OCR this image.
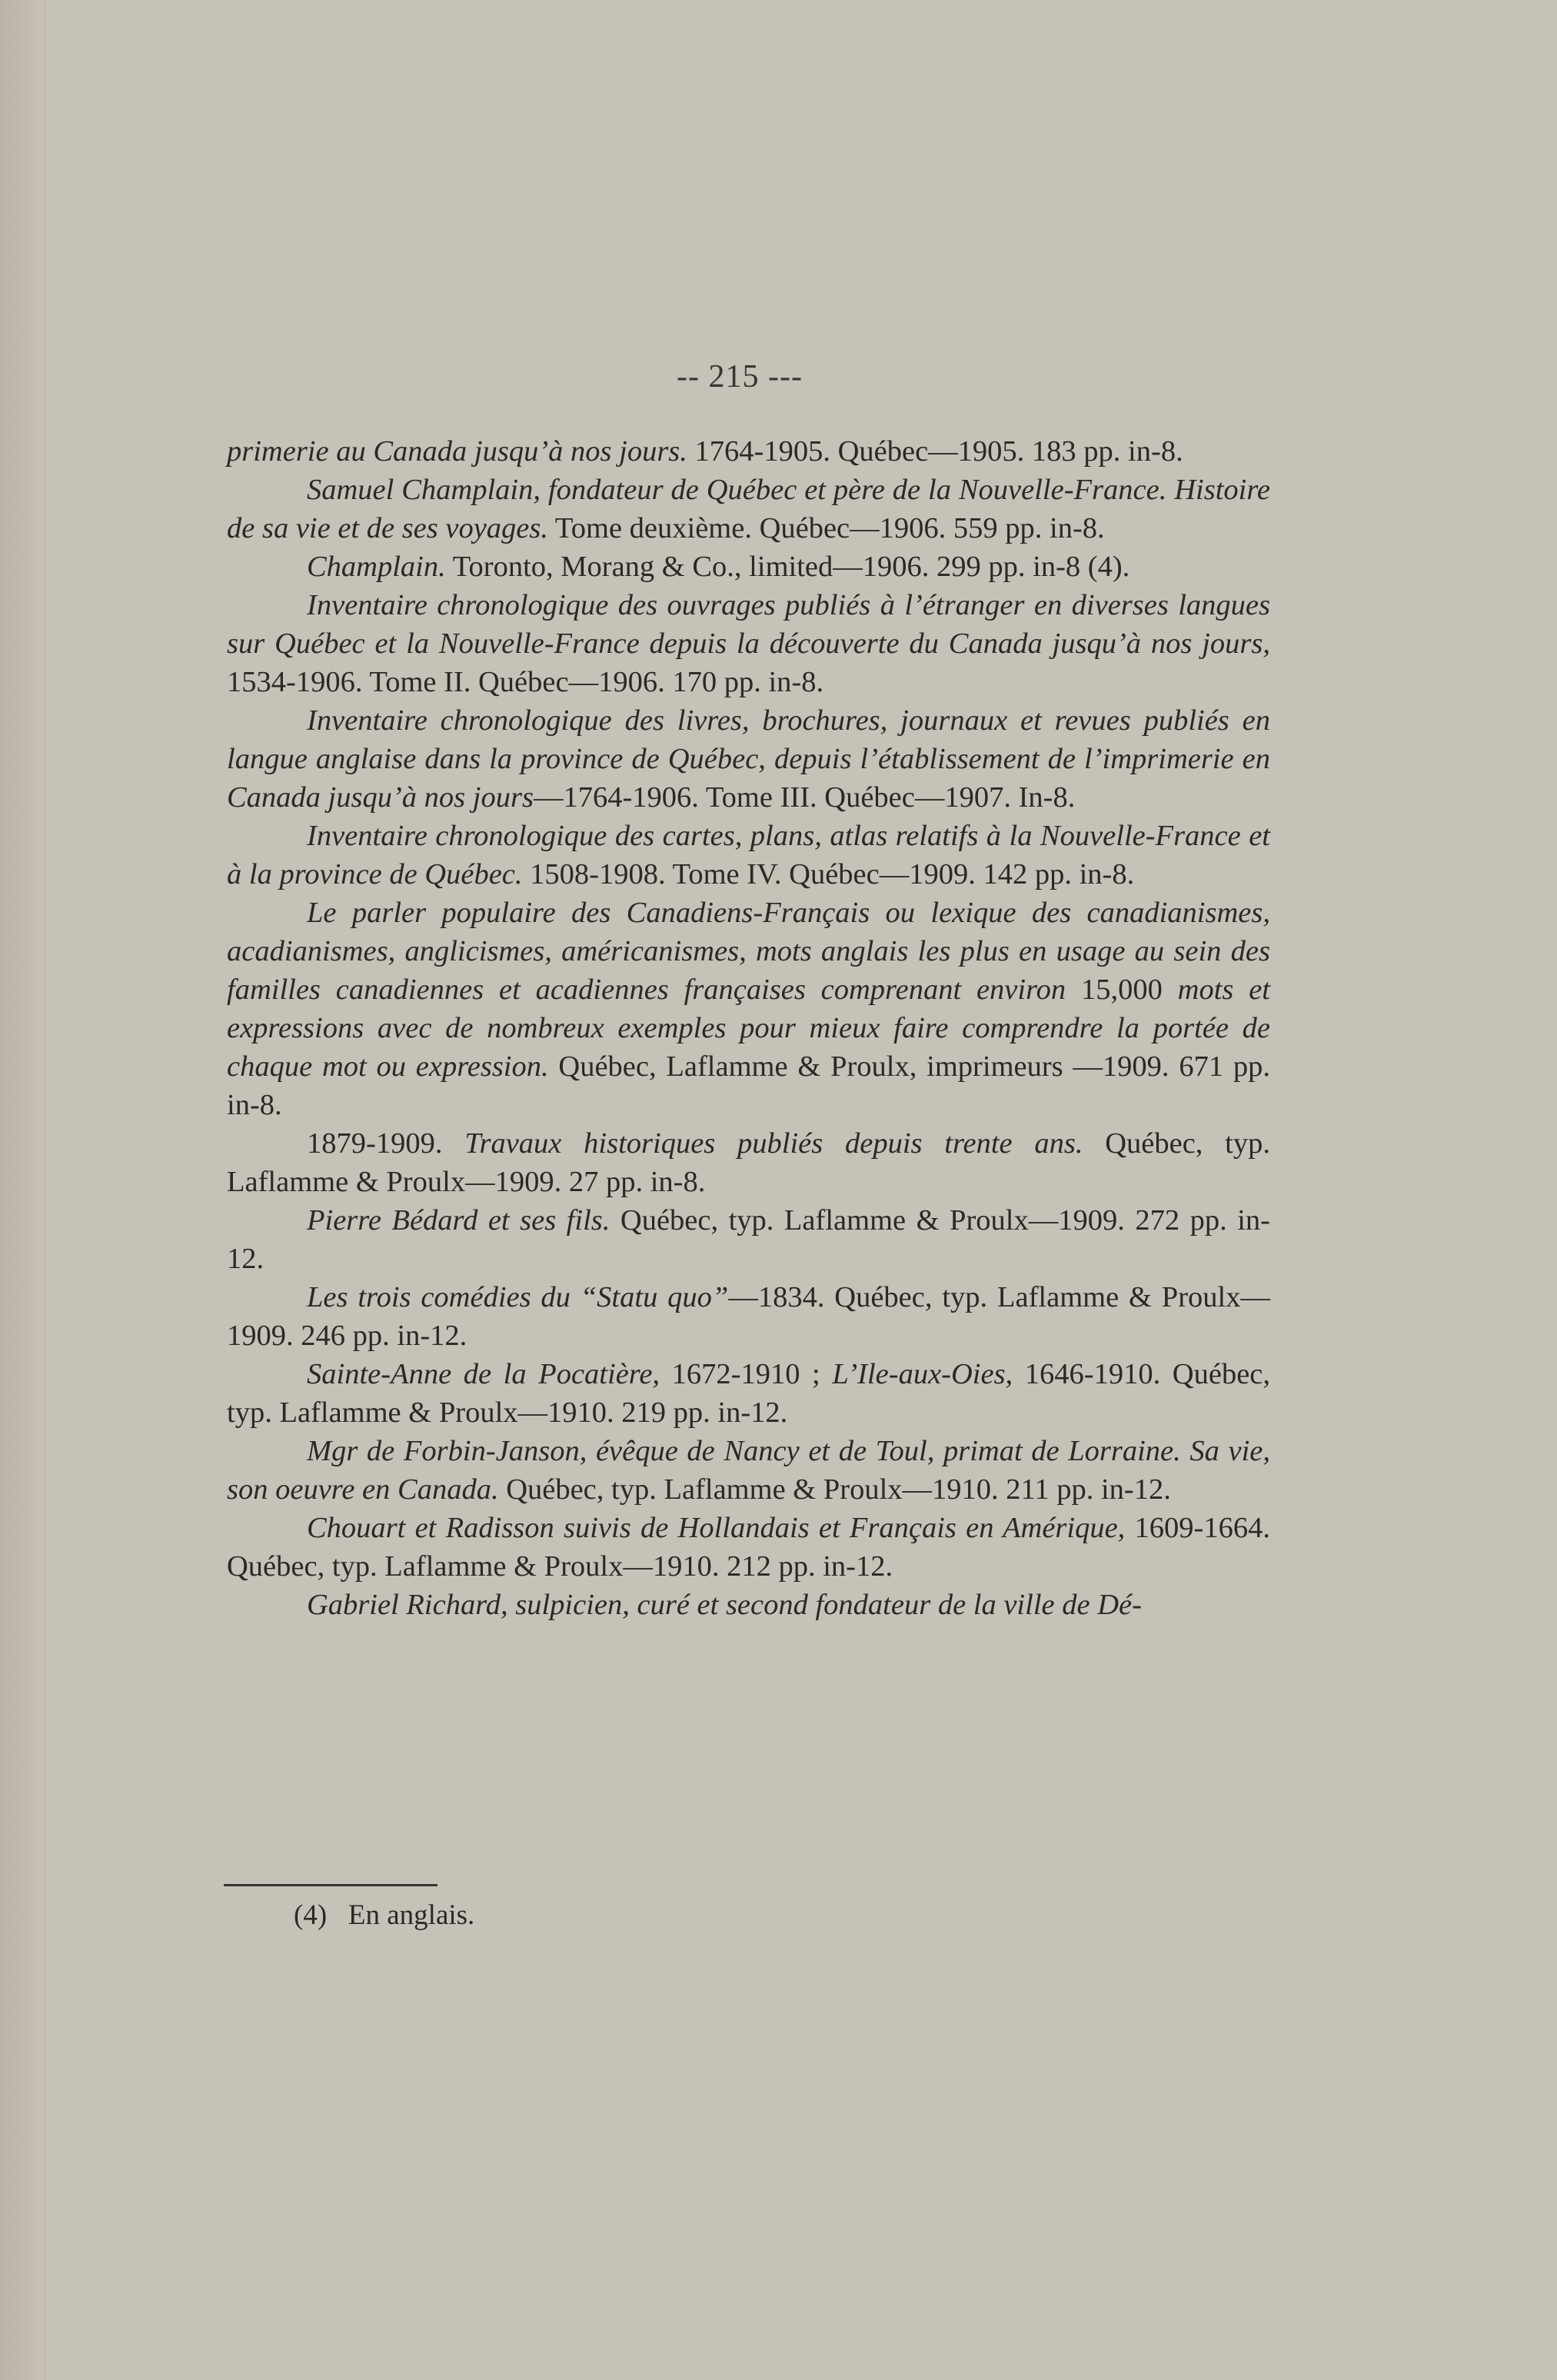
-- 215 ---

primerie au Canada jusqu’à nos jours. 1764-1905. Québec—1905. 183 pp. in-8.

Samuel Champlain, fondateur de Québec et père de la Nouvelle-France. Histoire de sa vie et de ses voyages. Tome deuxième. Québec—1906. 559 pp. in-8.

Champlain. Toronto, Morang & Co., limited—1906. 299 pp. in-8 (4).

Inventaire chronologique des ouvrages publiés à l’étranger en diverses langues sur Québec et la Nouvelle-France depuis la découverte du Canada jusqu’à nos jours, 1534-1906. Tome II. Québec—1906. 170 pp. in-8.

Inventaire chronologique des livres, brochures, journaux et revues publiés en langue anglaise dans la province de Québec, depuis l’établissement de l’imprimerie en Canada jusqu’à nos jours—1764-1906. Tome III. Québec—1907. In-8.

Inventaire chronologique des cartes, plans, atlas relatifs à la Nouvelle-France et à la province de Québec. 1508-1908. Tome IV. Québec—1909. 142 pp. in-8.

Le parler populaire des Canadiens-Français ou lexique des canadianismes, acadianismes, anglicismes, américanismes, mots anglais les plus en usage au sein des familles canadiennes et acadiennes françaises comprenant environ 15,000 mots et expressions avec de nombreux exemples pour mieux faire comprendre la portée de chaque mot ou expression. Québec, Laflamme & Proulx, imprimeurs —1909. 671 pp. in-8.

1879-1909. Travaux historiques publiés depuis trente ans. Québec, typ. Laflamme & Proulx—1909. 27 pp. in-8.

Pierre Bédard et ses fils. Québec, typ. Laflamme & Proulx—1909. 272 pp. in-12.

Les trois comédies du “Statu quo”—1834. Québec, typ. Laflamme & Proulx—1909. 246 pp. in-12.

Sainte-Anne de la Pocatière, 1672-1910 ; L’Ile-aux-Oies, 1646-1910. Québec, typ. Laflamme & Proulx—1910. 219 pp. in-12.

Mgr de Forbin-Janson, évêque de Nancy et de Toul, primat de Lorraine. Sa vie, son oeuvre en Canada. Québec, typ. Laflamme & Proulx—1910. 211 pp. in-12.

Chouart et Radisson suivis de Hollandais et Français en Amérique, 1609-1664. Québec, typ. Laflamme & Proulx—1910. 212 pp. in-12.

Gabriel Richard, sulpicien, curé et second fondateur de la ville de Dé-

(4) En anglais.
